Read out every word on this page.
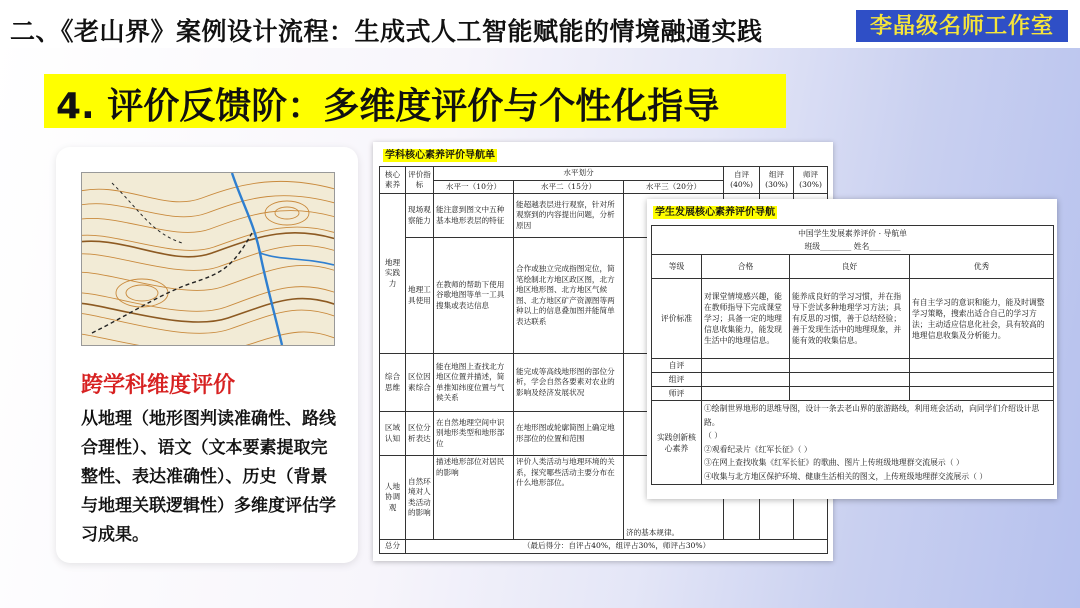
二、《老山界》案例设计流程：生成式人工智能赋能的情境融通实践	李晶级名师工作室
4. 评价反馈阶：多维度评价与个性化指导
跨学科维度评价
从地理（地形图判读准确性、路线合理性）、语文（文本要素提取完整性、表达准确性）、历史（背景与地理关联逻辑性）多维度评估学习成果。
学科核心素养评价导航单
核心素养	评价指标	水平划分			自评(40%)	组评(30%)	师评(30%)
		水平一（10分）	水平二（15分）	水平三（20分）			
地理实践力	现场观察能力	能注意到图文中五种基本地形表层的特征	能超越表层进行观察，针对所观察到的内容提出问题，分析原因				
	地理工具使用	在教师的帮助下使用谷歌地图等单一工具搜集或表达信息	合作或独立完成指图定位，简笔绘制北方地区政区图，北方地区地形图、北方地区气候图、北方地区矿产资源图等两种以上的信息叠加图并能简单表达联系				
综合思维	区位因素综合	能在地图上查找北方地区位置并描述，简单推知纬度位置与气候关系	能完成等高线地形图的部位分析，学会自然各要素对农业的影响及经济发展状况				
区域认知	区位分析表达	在自然地理空间中识别地形类型和地形部位	在地形图或轮廓简图上确定地形部位的位置和范围				
人地协调观	自然环境对人类活动的影响	描述地形部位对居民的影响	评价人类活动与地理环境的关系，探究哪些活动主要分布在什么地形部位。	济的基本规律。			
总分	（最后得分：自评占40%，组评占30%，师评占30%）						
学生发展核心素养评价导航
中国学生发展素养评价 · 导航单
班级________ 姓名________			

等级	合格	良好	优秀
评价标准	对课堂情境感兴趣，能在教师指导下完成课堂学习；具备一定的地理信息收集能力，能发现生活中的地理信息。	能养成良好的学习习惯，并在指导下尝试多种地理学习方法；具有反思的习惯，善于总结经验；善于发现生活中的地理现象，并能有效的收集信息。	有自主学习的意识和能力，能及时调整学习策略，搜索出适合自己的学习方法；主动适应信息化社会，具有较高的地理信息收集及分析能力。
自评			
组评			
师评			
实践创新核心素养	①绘制世界地形的思维导图，设计一条去老山界的旅游路线，利用班会活动，向同学们介绍设计思路。
（ ）
②观看纪录片《红军长征》（ ）
③在网上查找收集《红军长征》的歌曲、图片上传班级地理群交流展示（ ）
④收集与北方地区保护环境、健康生活相关的图文，上传班级地理群交流展示（ ）		
